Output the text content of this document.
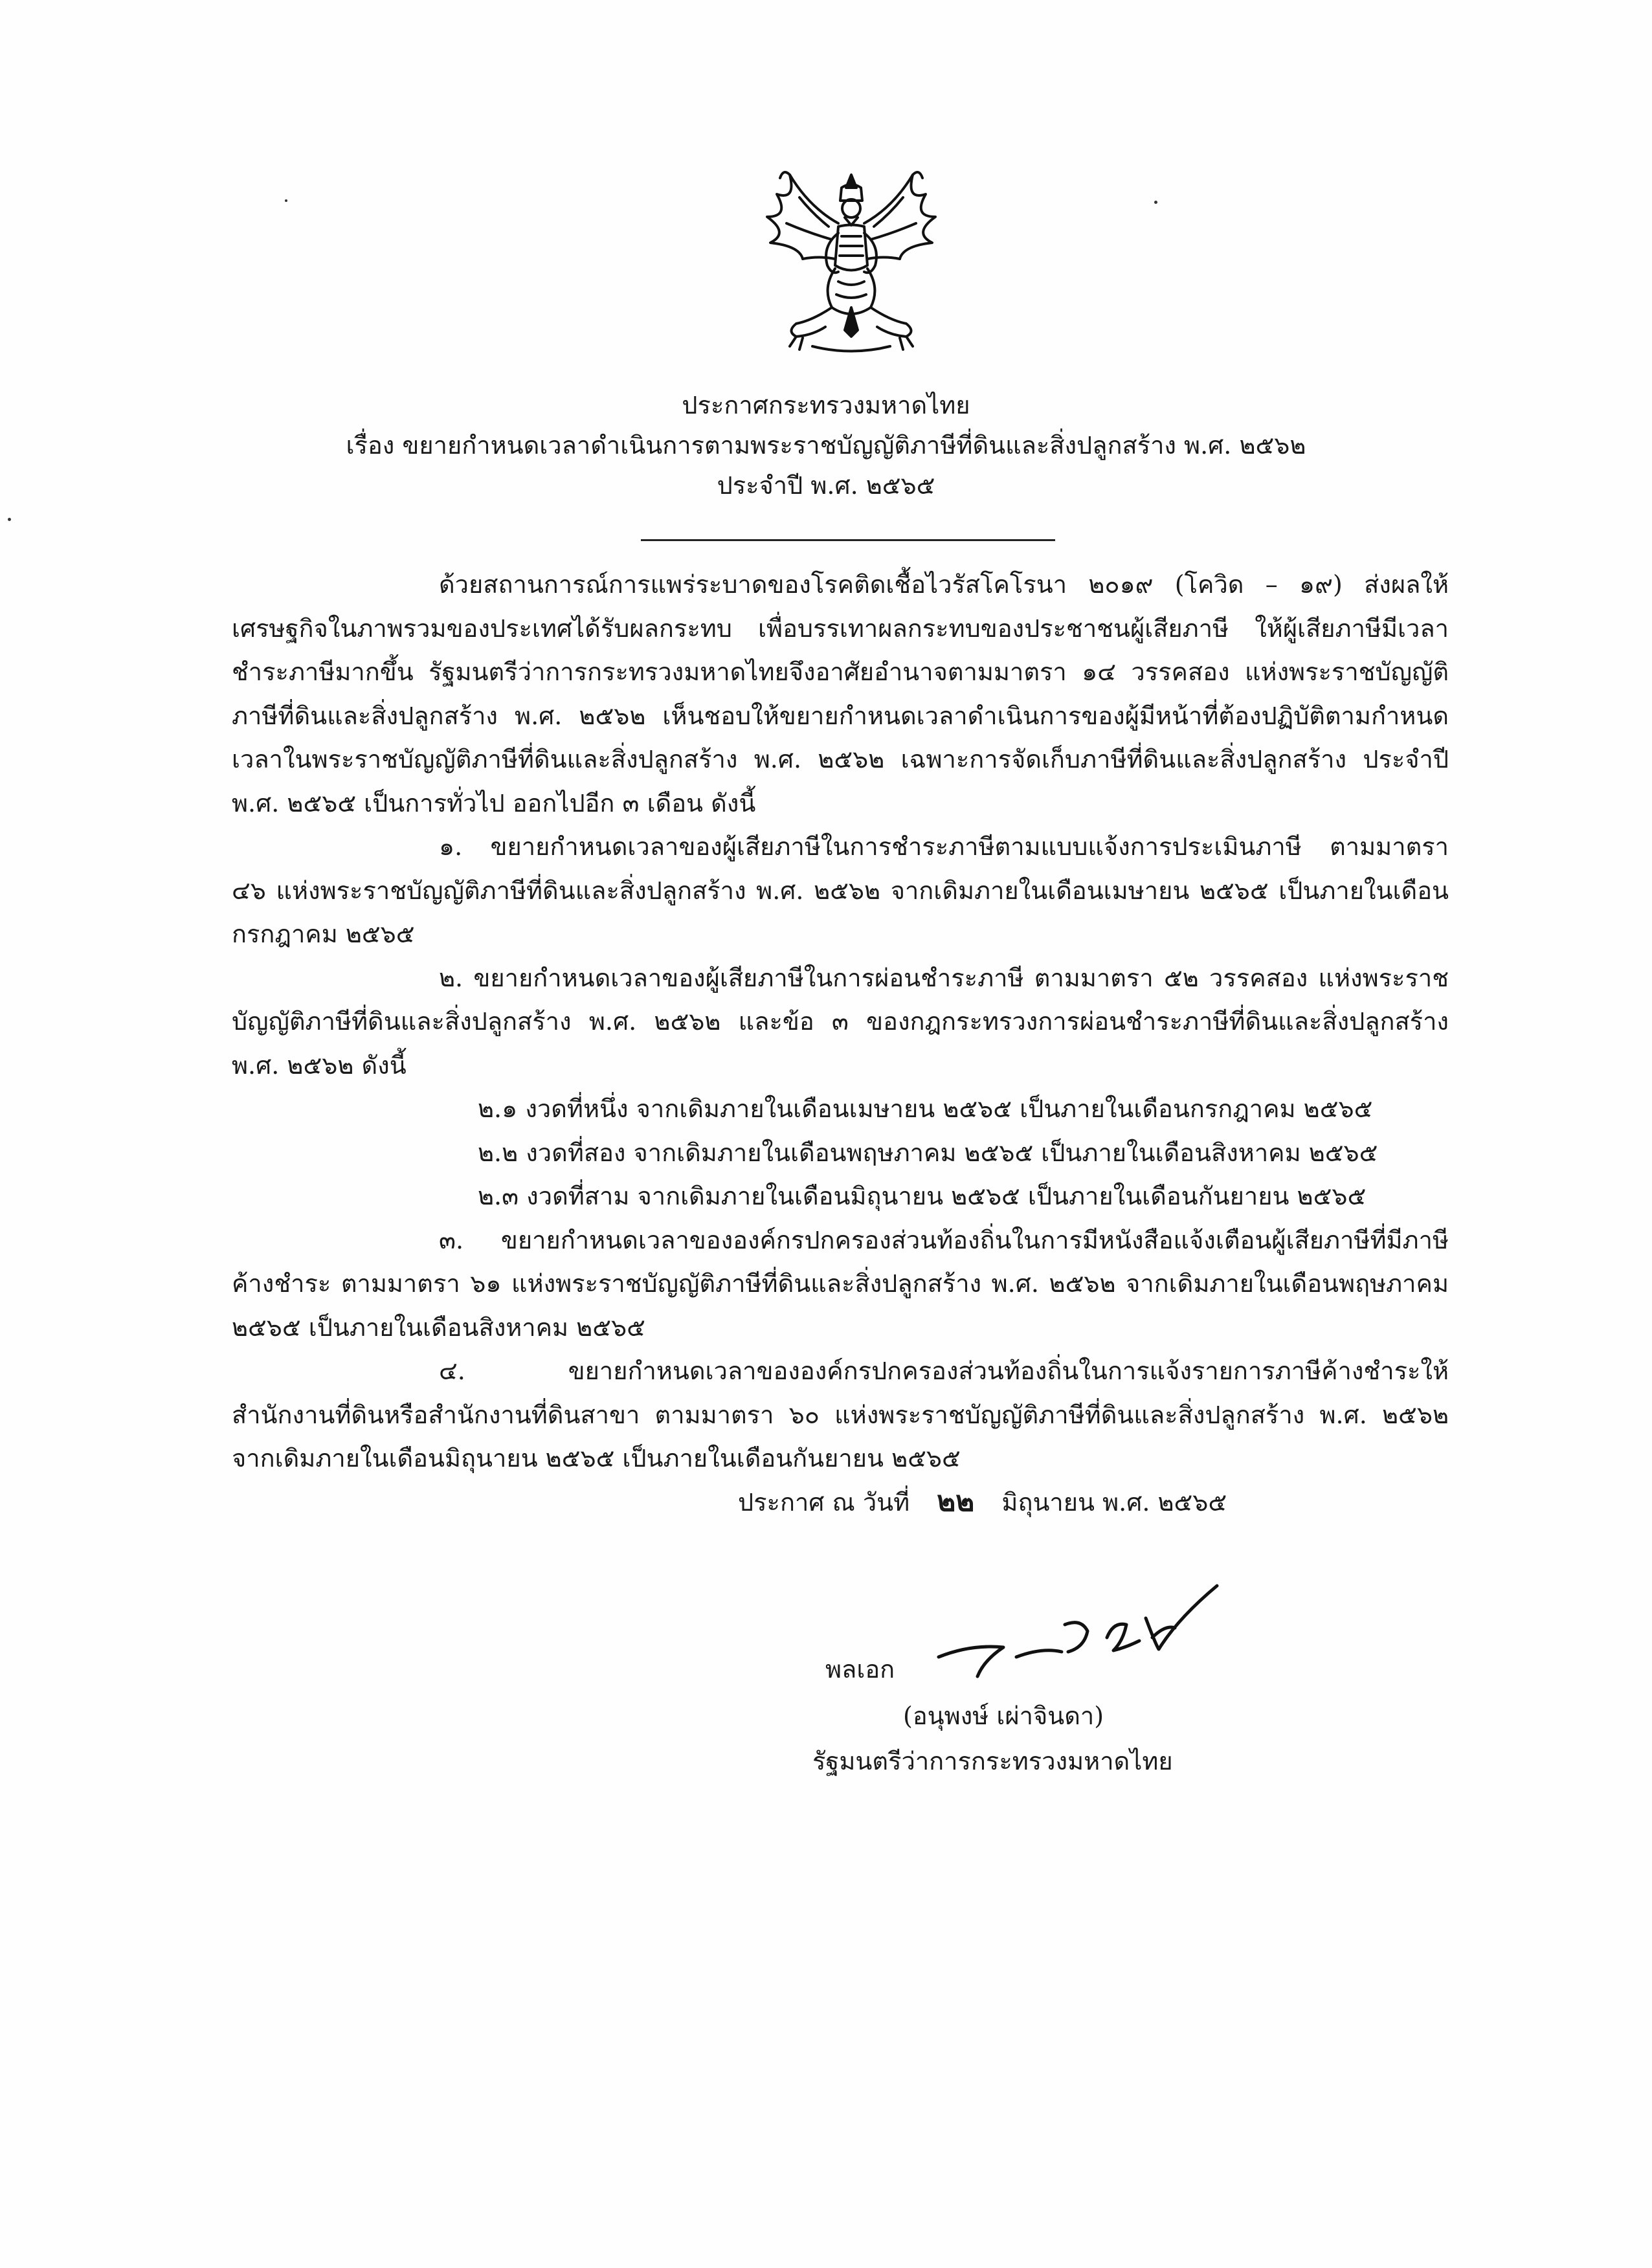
ประกาศกระทรวงมหาดไทย
เรื่อง ขยายกำหนดเวลาดำเนินการตามพระราชบัญญัติภาษีที่ดินและสิ่งปลูกสร้าง พ.ศ. ๒๕๖๒
ประจำปี พ.ศ. ๒๕๖๕

ด้วยสถานการณ์การแพร่ระบาดของโรคติดเชื้อไวรัสโคโรนา ๒๐๑๙ (โควิด – ๑๙) ส่งผลให้เศรษฐกิจในภาพรวมของประเทศได้รับผลกระทบ เพื่อบรรเทาผลกระทบของประชาชนผู้เสียภาษี ให้ผู้เสียภาษีมีเวลาชำระภาษีมากขึ้น รัฐมนตรีว่าการกระทรวงมหาดไทยจึงอาศัยอำนาจตามมาตรา ๑๔ วรรคสอง แห่งพระราชบัญญัติภาษีที่ดินและสิ่งปลูกสร้าง พ.ศ. ๒๕๖๒ เห็นชอบให้ขยายกำหนดเวลาดำเนินการของผู้มีหน้าที่ต้องปฏิบัติตามกำหนดเวลาในพระราชบัญญัติภาษีที่ดินและสิ่งปลูกสร้าง พ.ศ. ๒๕๖๒ เฉพาะการจัดเก็บภาษีที่ดินและสิ่งปลูกสร้าง ประจำปี พ.ศ. ๒๕๖๕ เป็นการทั่วไป ออกไปอีก ๓ เดือน ดังนี้

๑. ขยายกำหนดเวลาของผู้เสียภาษีในการชำระภาษีตามแบบแจ้งการประเมินภาษี ตามมาตรา ๔๖ แห่งพระราชบัญญัติภาษีที่ดินและสิ่งปลูกสร้าง พ.ศ. ๒๕๖๒ จากเดิมภายในเดือนเมษายน ๒๕๖๕ เป็นภายในเดือนกรกฎาคม ๒๕๖๕

๒. ขยายกำหนดเวลาของผู้เสียภาษีในการผ่อนชำระภาษี ตามมาตรา ๕๒ วรรคสอง แห่งพระราชบัญญัติภาษีที่ดินและสิ่งปลูกสร้าง พ.ศ. ๒๕๖๒ และข้อ ๓ ของกฎกระทรวงการผ่อนชำระภาษีที่ดินและสิ่งปลูกสร้าง พ.ศ. ๒๕๖๒ ดังนี้

๒.๑ งวดที่หนึ่ง จากเดิมภายในเดือนเมษายน ๒๕๖๕ เป็นภายในเดือนกรกฎาคม ๒๕๖๕

๒.๒ งวดที่สอง จากเดิมภายในเดือนพฤษภาคม ๒๕๖๕ เป็นภายในเดือนสิงหาคม ๒๕๖๕

๒.๓ งวดที่สาม จากเดิมภายในเดือนมิถุนายน ๒๕๖๕ เป็นภายในเดือนกันยายน ๒๕๖๕

๓. ขยายกำหนดเวลาขององค์กรปกครองส่วนท้องถิ่นในการมีหนังสือแจ้งเตือนผู้เสียภาษีที่มีภาษีค้างชำระ ตามมาตรา ๖๑ แห่งพระราชบัญญัติภาษีที่ดินและสิ่งปลูกสร้าง พ.ศ. ๒๕๖๒ จากเดิมภายในเดือนพฤษภาคม ๒๕๖๕ เป็นภายในเดือนสิงหาคม ๒๕๖๕

๔. ขยายกำหนดเวลาขององค์กรปกครองส่วนท้องถิ่นในการแจ้งรายการภาษีค้างชำระให้สำนักงานที่ดินหรือสำนักงานที่ดินสาขา ตามมาตรา ๖๐ แห่งพระราชบัญญัติภาษีที่ดินและสิ่งปลูกสร้าง พ.ศ. ๒๕๖๒ จากเดิมภายในเดือนมิถุนายน ๒๕๖๕ เป็นภายในเดือนกันยายน ๒๕๖๕

ประกาศ ณ วันที่ ๒๒ มิถุนายน พ.ศ. ๒๕๖๕
พลเอก
(อนุพงษ์ เผ่าจินดา)
รัฐมนตรีว่าการกระทรวงมหาดไทย
